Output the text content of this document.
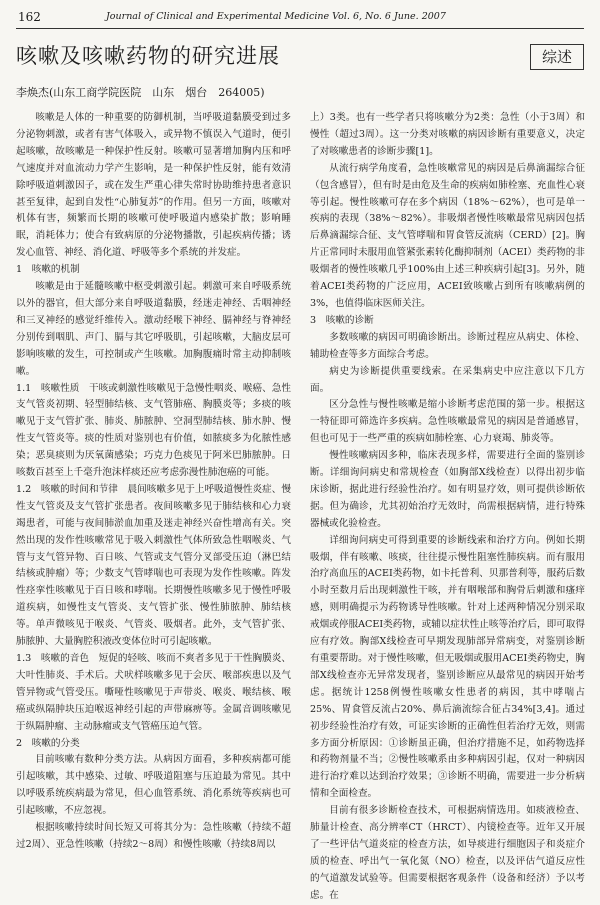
162	Journal of Clinical and Experimental Medicine Vol. 6, No. 6 June. 2007
咳嗽及咳嗽药物的研究进展	综述
李焕杰(山东工商学院医院　山东　烟台　264005)

咳嗽是人体的一种重要的防御机制，当呼吸道黏膜受到过多分泌物刺激，或者有害气体吸入，或异物不慎误入气道时，便引起咳嗽，故咳嗽是一种保护性反射。咳嗽可显著增加胸内压和呼气速度并对血流动力学产生影响，是一种保护性反射，能有效清除呼吸道刺激因子，或在发生严重心律失常时协助维持患者意识甚至复律，起到自发性“心肺复苏”的作用。但另一方面，咳嗽对机体有害，频繁而长期的咳嗽可使呼吸道内感染扩散；影响睡眠，消耗体力；使合有致病原的分泌物播散，引起疾病传播；诱发心血管、神经、消化道、呼吸等多个系统的并发症。

1　咳嗽的机制

咳嗽是由于延髓咳嗽中枢受刺激引起。刺激可来自呼吸系统以外的器官，但大部分来自呼吸道黏膜，经迷走神经、舌咽神经和三叉神经的感觉纤维传入。激动经喉下神经、膈神经与脊神经分别传到咽肌、声门、膈与其它呼吸肌，引起咳嗽，大脑皮层可影响咳嗽的发生，可控制或产生咳嗽。加胸腹痛时常主动抑制咳嗽。

1.1　咳嗽性质　干咳或刺激性咳嗽见于急慢性咽炎、喉癌、急性支气管炎初期、轻型肺结核、支气管肺癌、胸膜炎等；多痰的咳嗽见于支气管扩张、肺炎、肺脓肿、空洞型肺结核、肺水肿、慢性支气管炎等。痰的性质对鉴别也有价值，如脓痰多为化脓性感染；恶臭痰则为厌氧菌感染；巧克力色痰见于阿米巴肺脓肿。日咳数百甚至上千毫升泡沫样痰还应考虑弥漫性肺泡癌的可能。

1.2　咳嗽的时间和节律　晨间咳嗽多见于上呼吸道慢性炎症、慢性支气管炎及支气管扩张患者。夜间咳嗽多见于肺结核和心力衰竭患者，可能与夜间肺淤血加重及迷走神经兴奋性增高有关。突然出现的发作性咳嗽常见于吸入刺激性气体所致急性咽喉炎、气管与支气管异物、百日咳、气管或支气管分叉部受压迫（淋巴结结核或肿瘤）等；少数支气管哮喘也可表现为发作性咳嗽。阵发性痉挛性咳嗽见于百日咳和哮喘。长期慢性咳嗽多见于慢性呼吸道疾病，如慢性支气管炎、支气管扩张、慢性肺脓肿、肺结核等。单声微咳见于喉炎、气管炎、吸烟者。此外，支气管扩张、肺脓肿、大量胸腔积液改变体位时可引起咳嗽。

1.3　咳嗽的音色　短促的轻咳、咳而不爽者多见于干性胸膜炎、大叶性肺炎、手术后。犬吠样咳嗽多见于会厌、喉部疾患以及气管异物或气管受压。嘶哑性咳嗽见于声带炎、喉炎、喉结核、喉癌或纵隔肿块压迫喉返神经引起的声带麻痹等。金属音调咳嗽见于纵隔肿瘤、主动脉瘤或支气管癌压迫气管。

2　咳嗽的分类

目前咳嗽有数种分类方法。从病因方面看，多种疾病都可能引起咳嗽，其中感染、过敏、呼吸道阻塞与压迫最为常见。其中以呼吸系统疾病最为常见，但心血管系统、消化系统等疾病也可引起咳嗽，不应忽视。

根据咳嗽持续时间长短又可将其分为：急性咳嗽（持续不超过2周）、亚急性咳嗽（持续2～8周）和慢性咳嗽（持续8周以

上）3类。也有一些学者只将咳嗽分为2类：急性（小于3周）和慢性（超过3周）。这一分类对咳嗽的病因诊断有重要意义，决定了对咳嗽患者的诊断步骤[1]。

从流行病学角度看，急性咳嗽常见的病因是后鼻滴漏综合征（包含感冒），但有时是由危及生命的疾病如肺栓塞、充血性心衰等引起。慢性咳嗽可存在多个病因（18%～62%），也可是单一疾病的表现（38%～82%）。非吸烟者慢性咳嗽最常见病因包括后鼻滴漏综合征、支气管哮喘和胃食管反流病（CERD）[2]。胸片正常同时未服用血管紧张素转化酶抑制剂（ACEI）类药物的非吸烟者的慢性咳嗽几乎100%由上述三种疾病引起[3]。另外，随着ACEI类药物的广泛应用，ACEI致咳嗽占到所有咳嗽病例的3%，也值得临床医师关注。

3　咳嗽的诊断

多数咳嗽的病因可明确诊断出。诊断过程应从病史、体检、辅助检查等多方面综合考虑。

病史为诊断提供重要线索。在采集病史中应注意以下几方面。

区分急性与慢性咳嗽是缩小诊断考虑范围的第一步。根据这一特征即可筛选许多疾病。急性咳嗽最常见的病因是普通感冒，但也可见于一些严重的疾病如肺栓塞、心力衰竭、肺炎等。

慢性咳嗽病因多种，临床表现多样，需要进行全面的鉴别诊断。详细询问病史和常规检查（如胸部X线检查）以得出初步临床诊断，据此进行经验性治疗。如有明显疗效，则可提供诊断依据。但为确诊，尤其初始治疗无效时，尚需根据病情，进行特殊器械或化验检查。

详细询问病史可得到重要的诊断线索和治疗方向。例如长期吸烟，伴有咳嗽、咳痰，往往提示慢性阻塞性肺疾病。而有服用治疗高血压的ACEI类药物，如卡托普利、贝那普利等，服药后数小时至数月后出现刺激性干咳，并有咽喉部和胸骨后刺激和瘙痒感，则明确提示为药物诱导性咳嗽。针对上述两种情况分别采取戒烟或停服ACEI类药物，或辅以症状性止咳等治疗后，即可取得应有疗效。胸部X线检查可早期发现肺部异常病变，对鉴别诊断有重要帮助。对于慢性咳嗽，但无吸烟或服用ACEI类药物史，胸部X线检查亦无异常发现者，鉴别诊断应从最常见的病因开始考虑。据统计1258例慢性咳嗽女性患者的病因，其中哮喘占25%、胃食管反流占20%、鼻后滴流综合征占34%[3,4]。通过初步经验性治疗有效，可证实诊断的正确性但若治疗无效，则需多方面分析原因：①诊断虽正确，但治疗措施不足，如药物选择和药物剂量不当；②慢性咳嗽系由多种病因引起，仅对一种病因进行治疗难以达到治疗效果；③诊断不明确，需要进一步分析病情和全面检查。

目前有很多诊断检查技术，可根据病情选用。如痰液检查、肺量计检查、高分辨率CT（HRCT）、内镜检查等。近年又开展了一些评估气道炎症的检查方法，如导痰进行细胞因子和炎症介质的检查、呼出气一氧化氮（NO）检查，以及评估气道反应性的气道激发试验等。但需要根据客观条件（设备和经济）予以考虑。在
